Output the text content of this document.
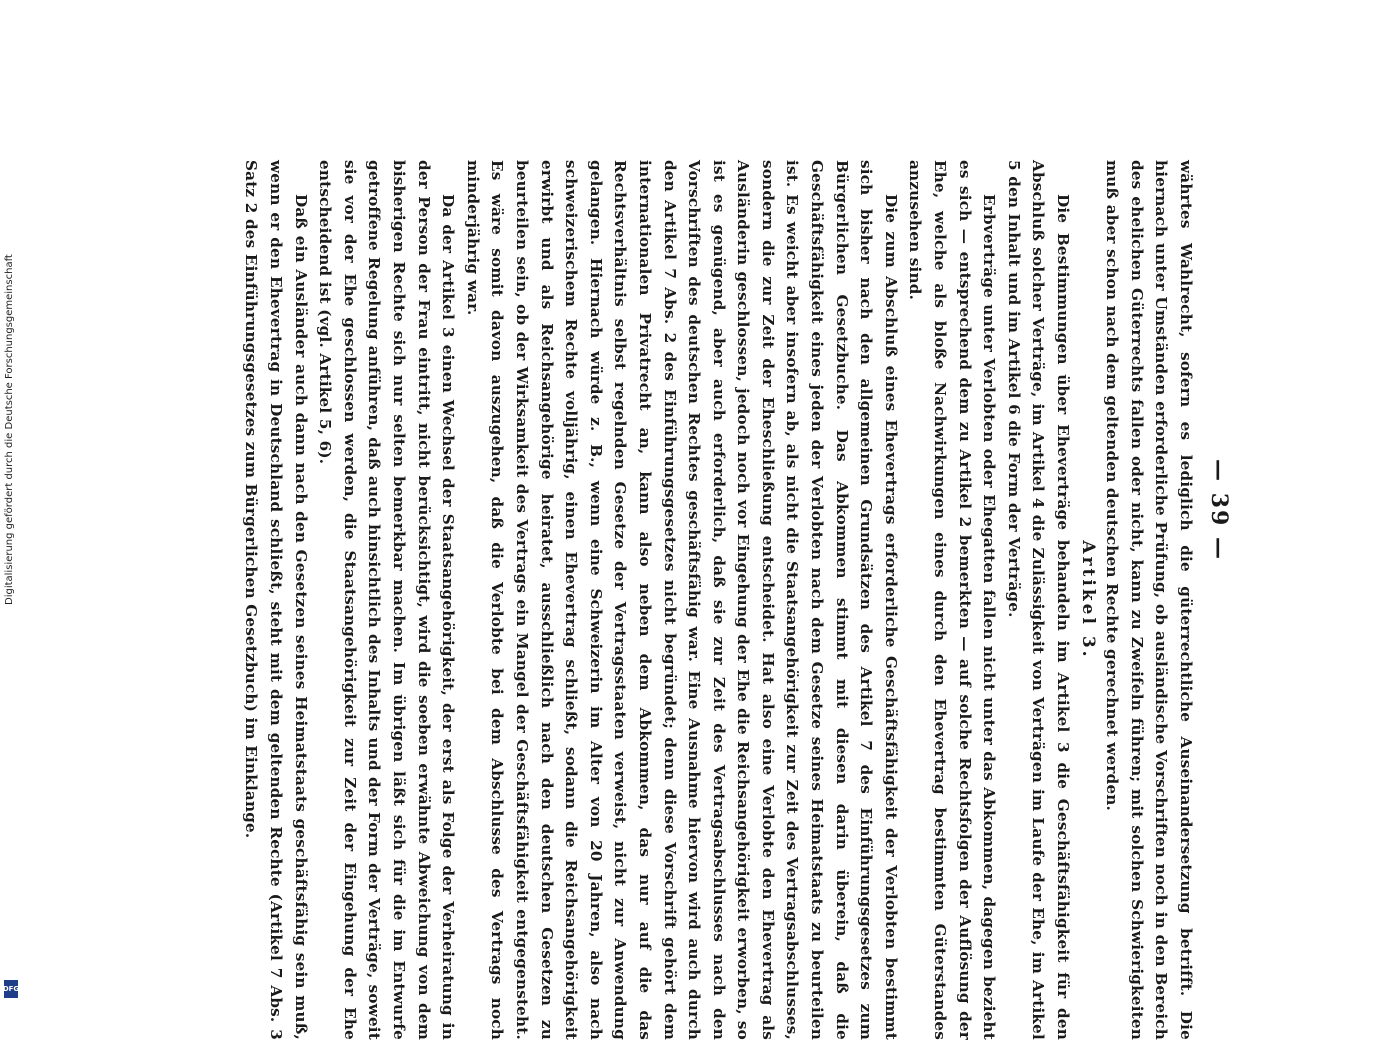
— 39 —

währtes Wahlrecht, sofern es lediglich die güterrechtliche Auseinandersetzung betrifft. Die hiernach unter Umständen erforderliche Prüfung, ob ausländische Vorschriften noch in den Bereich des ehelichen Güterrechts fallen oder nicht, kann zu Zweifeln führen; mit solchen Schwierigkeiten muß aber schon nach dem geltenden deutschen Rechte gerechnet werden.

Artikel 3.

Die Bestimmungen über Eheverträge behandeln im Artikel 3 die Geschäftsfähigkeit für den Abschluß solcher Verträge, im Artikel 4 die Zulässigkeit von Verträgen im Laufe der Ehe, im Artikel 5 den Inhalt und im Artikel 6 die Form der Verträge.

Erbverträge unter Verlobten oder Ehegatten fallen nicht unter das Abkommen, dagegen bezieht es sich — entsprechend dem zu Artikel 2 bemerkten — auf solche Rechtsfolgen der Auflösung der Ehe, welche als bloße Nachwirkungen eines durch den Ehevertrag bestimmten Güterstandes anzusehen sind.

Die zum Abschluß eines Ehevertrags erforderliche Geschäftsfähigkeit der Verlobten bestimmt sich bisher nach den allgemeinen Grundsätzen des Artikel 7 des Einführungsgesetzes zum Bürgerlichen Gesetzbuche. Das Abkommen stimmt mit diesen darin überein, daß die Geschäftsfähigkeit eines jeden der Verlobten nach dem Gesetze seines Heimatstaats zu beurteilen ist. Es weicht aber insofern ab, als nicht die Staatsangehörigkeit zur Zeit des Vertragsabschlusses, sondern die zur Zeit der Eheschließung entscheidet. Hat also eine Verlobte den Ehevertrag als Ausländerin geschlossen, jedoch noch vor Eingehung der Ehe die Reichsangehörigkeit erworben, so ist es genügend, aber auch erforderlich, daß sie zur Zeit des Vertragsabschlusses nach den Vorschriften des deutschen Rechtes geschäftsfähig war. Eine Ausnahme hiervon wird auch durch den Artikel 7 Abs. 2 des Einführungsgesetzes nicht begründet; denn diese Vorschrift gehört dem internationalen Privatrecht an, kann also neben dem Abkommen, das nur auf die das Rechtsverhältnis selbst regelnden Gesetze der Vertragsstaaten verweist, nicht zur Anwendung gelangen. Hiernach würde z. B., wenn eine Schweizerin im Alter von 20 Jahren, also nach schweizerischem Rechte volljährig, einen Ehevertrag schließt, sodann die Reichsangehörigkeit erwirbt und als Reichsangehörige heiratet, ausschließlich nach den deutschen Gesetzen zu beurteilen sein, ob der Wirksamkeit des Vertrags ein Mangel der Geschäftsfähigkeit entgegensteht. Es wäre somit davon auszugehen, daß die Verlobte bei dem Abschlusse des Vertrags noch minderjährig war.

Da der Artikel 3 einen Wechsel der Staatsangehörigkeit, der erst als Folge der Verheiratung in der Person der Frau eintritt, nicht berücksichtigt, wird die soeben erwähnte Abweichung von dem bisherigen Rechte sich nur selten bemerkbar machen. Im übrigen läßt sich für die im Entwurfe getroffene Regelung anführen, daß auch hinsichtlich des Inhalts und der Form der Verträge, soweit sie vor der Ehe geschlossen werden, die Staatsangehörigkeit zur Zeit der Eingehung der Ehe entscheidend ist (vgl. Artikel 5, 6).

Daß ein Ausländer auch dann nach den Gesetzen seines Heimatstaats geschäftsfähig sein muß, wenn er den Ehevertrag in Deutschland schließt, steht mit dem geltenden Rechte (Artikel 7 Abs. 3 Satz 2 des Einführungsgesetzes zum Bürgerlichen Gesetzbuch) im Einklange.

Digitalisierung gefördert durch die Deutsche Forschungsgemeinschaft
DFG
